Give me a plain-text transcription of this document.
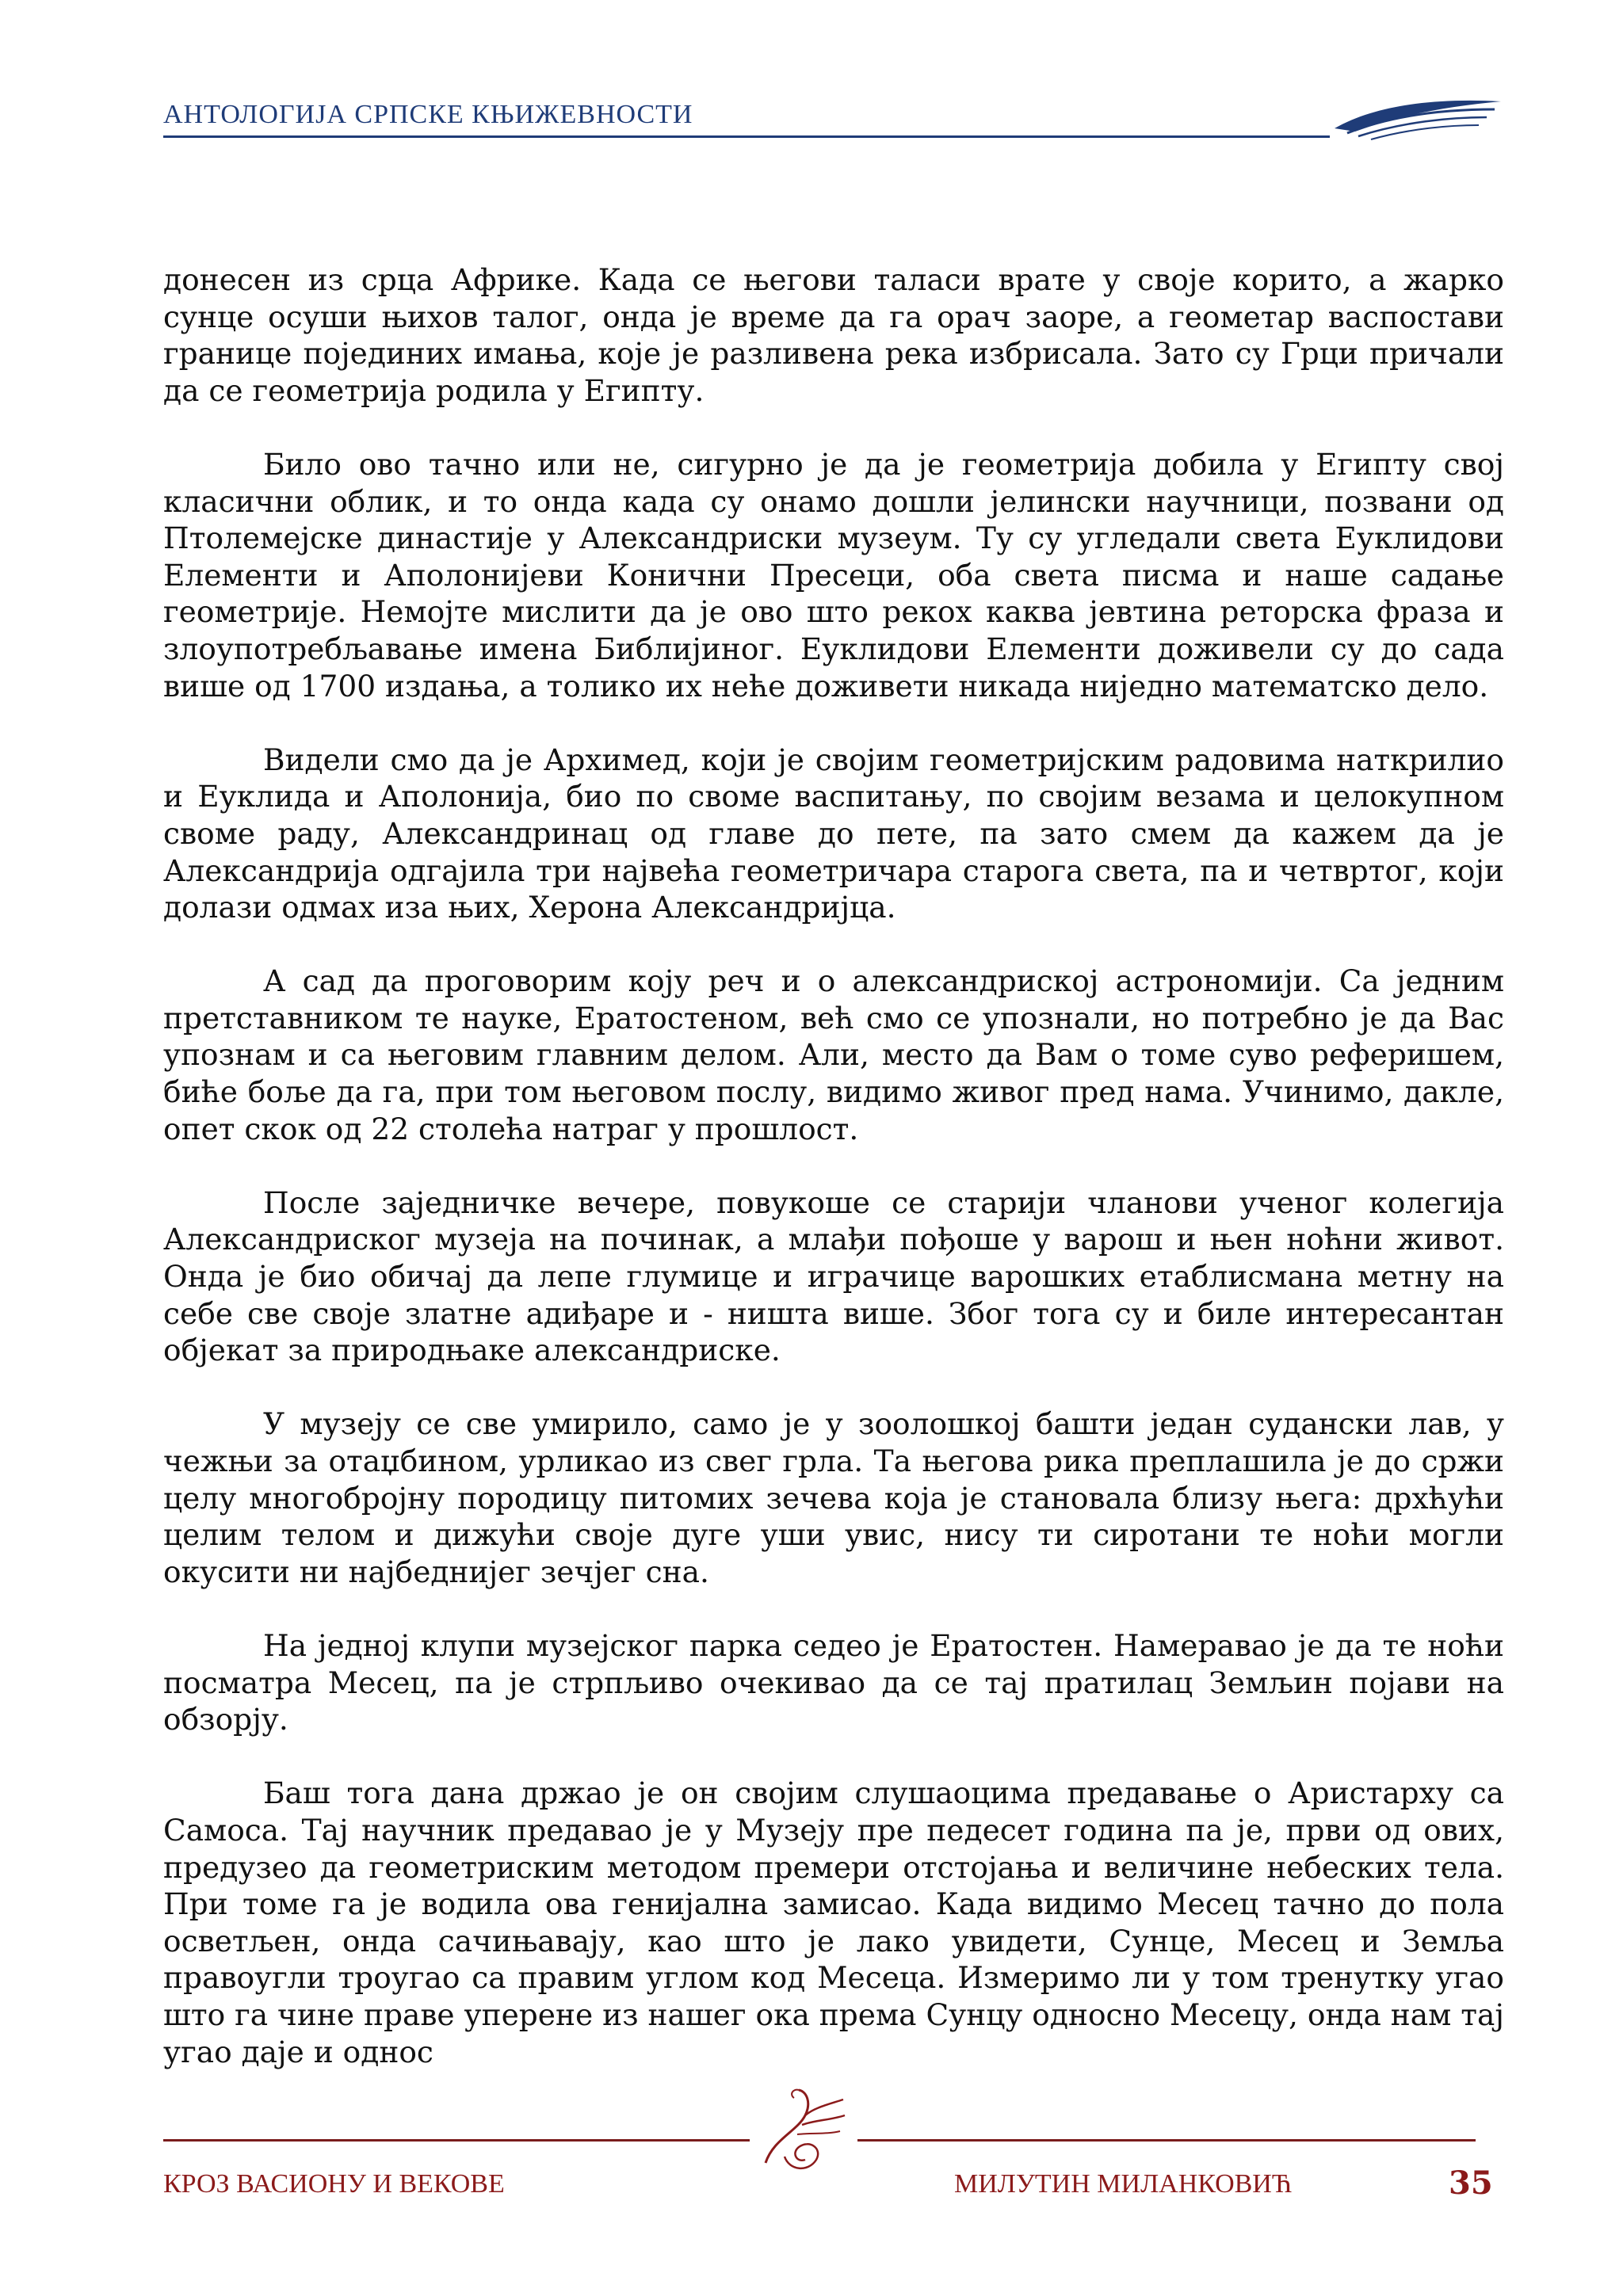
АНТОЛОГИЈА СРПСКЕ КЊИЖЕВНОСТИ

донесен из срца Африке. Када се његови таласи врате у своје корито, а жарко сунце осуши њихов талог, онда је време да га орач заоре, а геометар васпостави границе појединих имања, које је разливена река избрисала. Зато су Грци причали да се геометрија родила у Египту.

Било ово тачно или не, сигурно је да је геометрија добила у Египту свој класични облик, и то онда када су онамо дошли јелински научници, позвани од Птолемејске династије у Александриски музеум. Ту су угледали света Еуклидови Елементи и Аполонијеви Конични Пресеци, оба света писма и наше садање геометрије. Немојте мислити да је ово што рекох каква јевтина реторска фраза и злоупотребљавање имена Библијиног. Еуклидови Елементи доживели су до сада више од 1700 издања, а толико их неће доживети никада ниједно математско дело.

Видели смо да је Архимед, који је својим геометријским радовима наткрилио и Еуклида и Аполонија, био по своме васпитању, по својим везама и целокупном своме раду, Александринац од главе до пете, па зато смем да кажем да је Александрија одгајила три највећа геометричара старога света, па и четвртог, који долази одмах иза њих, Херона Александријца.

А сад да проговорим коју реч и о александриској астрономији. Са једним претставником те науке, Ератостеном, већ смо се упознали, но потребно је да Вас упознам и са његовим главним делом. Али, место да Вам о томе суво реферишем, биће боље да га, при том његовом послу, видимо живог пред нама. Учинимо, дакле, опет скок од 22 столећа натраг у прошлост.

После заједничке вечере, повукоше се старији чланови ученог колегија Александриског музеја на починак, а млађи пођоше у варош и њен ноћни живот. Онда је био обичај да лепе глумице и играчице варошких етаблисмана метну на себе све своје златне адиђаре и - ништа више. Због тога су и биле интересантан објекат за природњаке александриске.

У музеју се све умирило, само је у зоолошкој башти један судански лав, у чежњи за отаџбином, урликао из свег грла. Та његова рика преплашила је до сржи целу многобројну породицу питомих зечева која је становала близу њега: дрхћући целим телом и дижући своје дуге уши увис, нису ти сиротани те ноћи могли окусити ни најбеднијег зечјег сна.

На једној клупи музејског парка седео је Ератостен. Намеравао је да те ноћи посматра Месец, па је стрпљиво очекивао да се тај пратилац Земљин појави на обзорју.

Баш тога дана држао је он својим слушаоцима предавање о Аристарху са Самоса. Тај научник предавао је у Музеју пре педесет година па је, први од ових, предузео да геометриским методом премери отстојања и величине небеских тела. При томе га је водила ова генијална замисао. Када видимо Месец тачно до пола осветљен, онда сачињавају, као што је лако увидети, Сунце, Месец и Земља правоугли троугао са правим углом код Месеца. Измеримо ли у том тренутку угао што га чине праве уперене из нашег ока према Сунцу односно Месецу, онда нам тај угао даје и однос

КРОЗ ВАСИОНУ И ВЕКОВЕ	МИЛУТИН МИЛАНКОВИЋ	35
